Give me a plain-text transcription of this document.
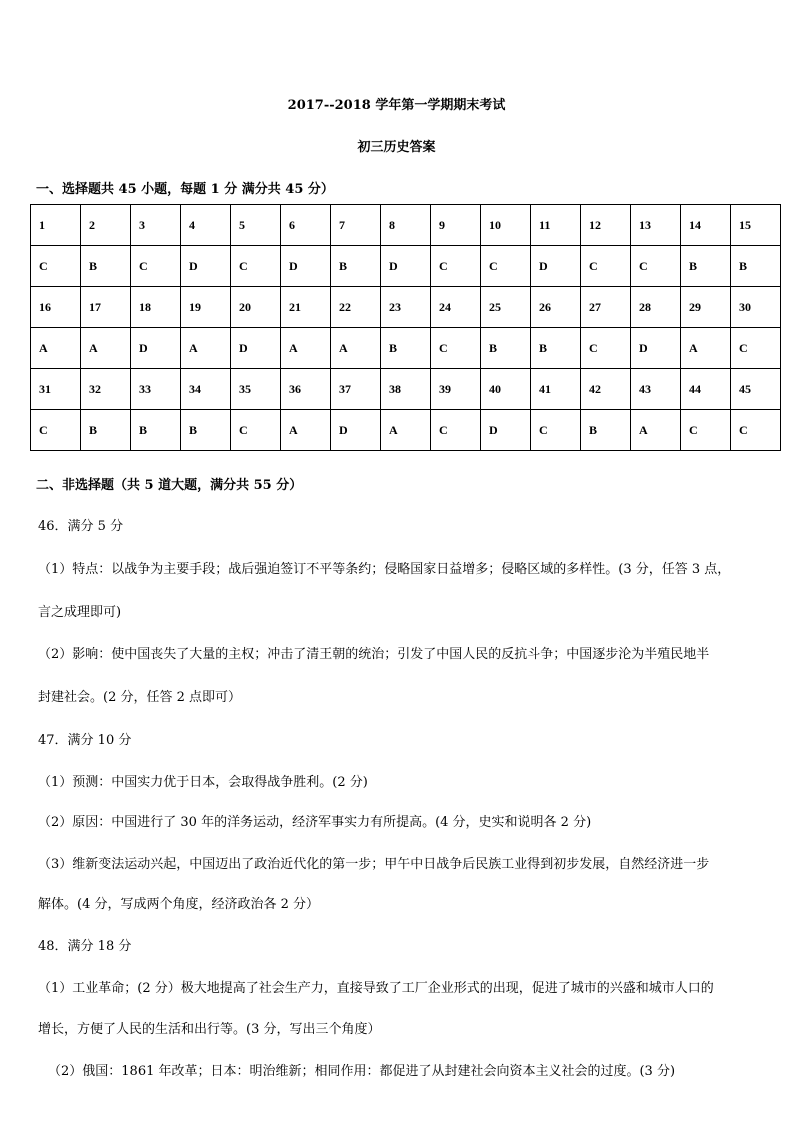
2017--2018 学年第一学期期末考试
初三历史答案
一、选择题共 45 小题，每题 1 分 满分共 45 分）
1	2	3	4	5	6	7	8	9	10	11	12	13	14	15
C	B	C	D	C	D	B	D	C	C	D	C	C	B	B
16	17	18	19	20	21	22	23	24	25	26	27	28	29	30
A	A	D	A	D	A	A	B	C	B	B	C	D	A	C
31	32	33	34	35	36	37	38	39	40	41	42	43	44	45
C	B	B	B	C	A	D	A	C	D	C	B	A	C	C
二、非选择题（共 5 道大题，满分共 55 分）
46．满分 5 分
（1）特点：以战争为主要手段；战后强迫签订不平等条约；侵略国家日益增多；侵略区域的多样性。(3 分，任答 3 点，
言之成理即可)
（2）影响：使中国丧失了大量的主权；冲击了清王朝的统治；引发了中国人民的反抗斗争；中国逐步沦为半殖民地半
封建社会。(2 分，任答 2 点即可）
47．满分 10 分
（1）预测：中国实力优于日本，会取得战争胜利。(2 分)
（2）原因：中国进行了 30 年的洋务运动，经济军事实力有所提高。(4 分，史实和说明各 2 分)
（3）维新变法运动兴起，中国迈出了政治近代化的第一步；甲午中日战争后民族工业得到初步发展，自然经济进一步
解体。(4 分，写成两个角度，经济政治各 2 分）
48．满分 18 分
（1）工业革命；(2 分）极大地提高了社会生产力，直接导致了工厂企业形式的出现，促进了城市的兴盛和城市人口的
增长，方便了人民的生活和出行等。(3 分，写出三个角度）
（2）俄国：1861 年改革；日本：明治维新；相同作用：都促进了从封建社会向资本主义社会的过度。(3 分)
